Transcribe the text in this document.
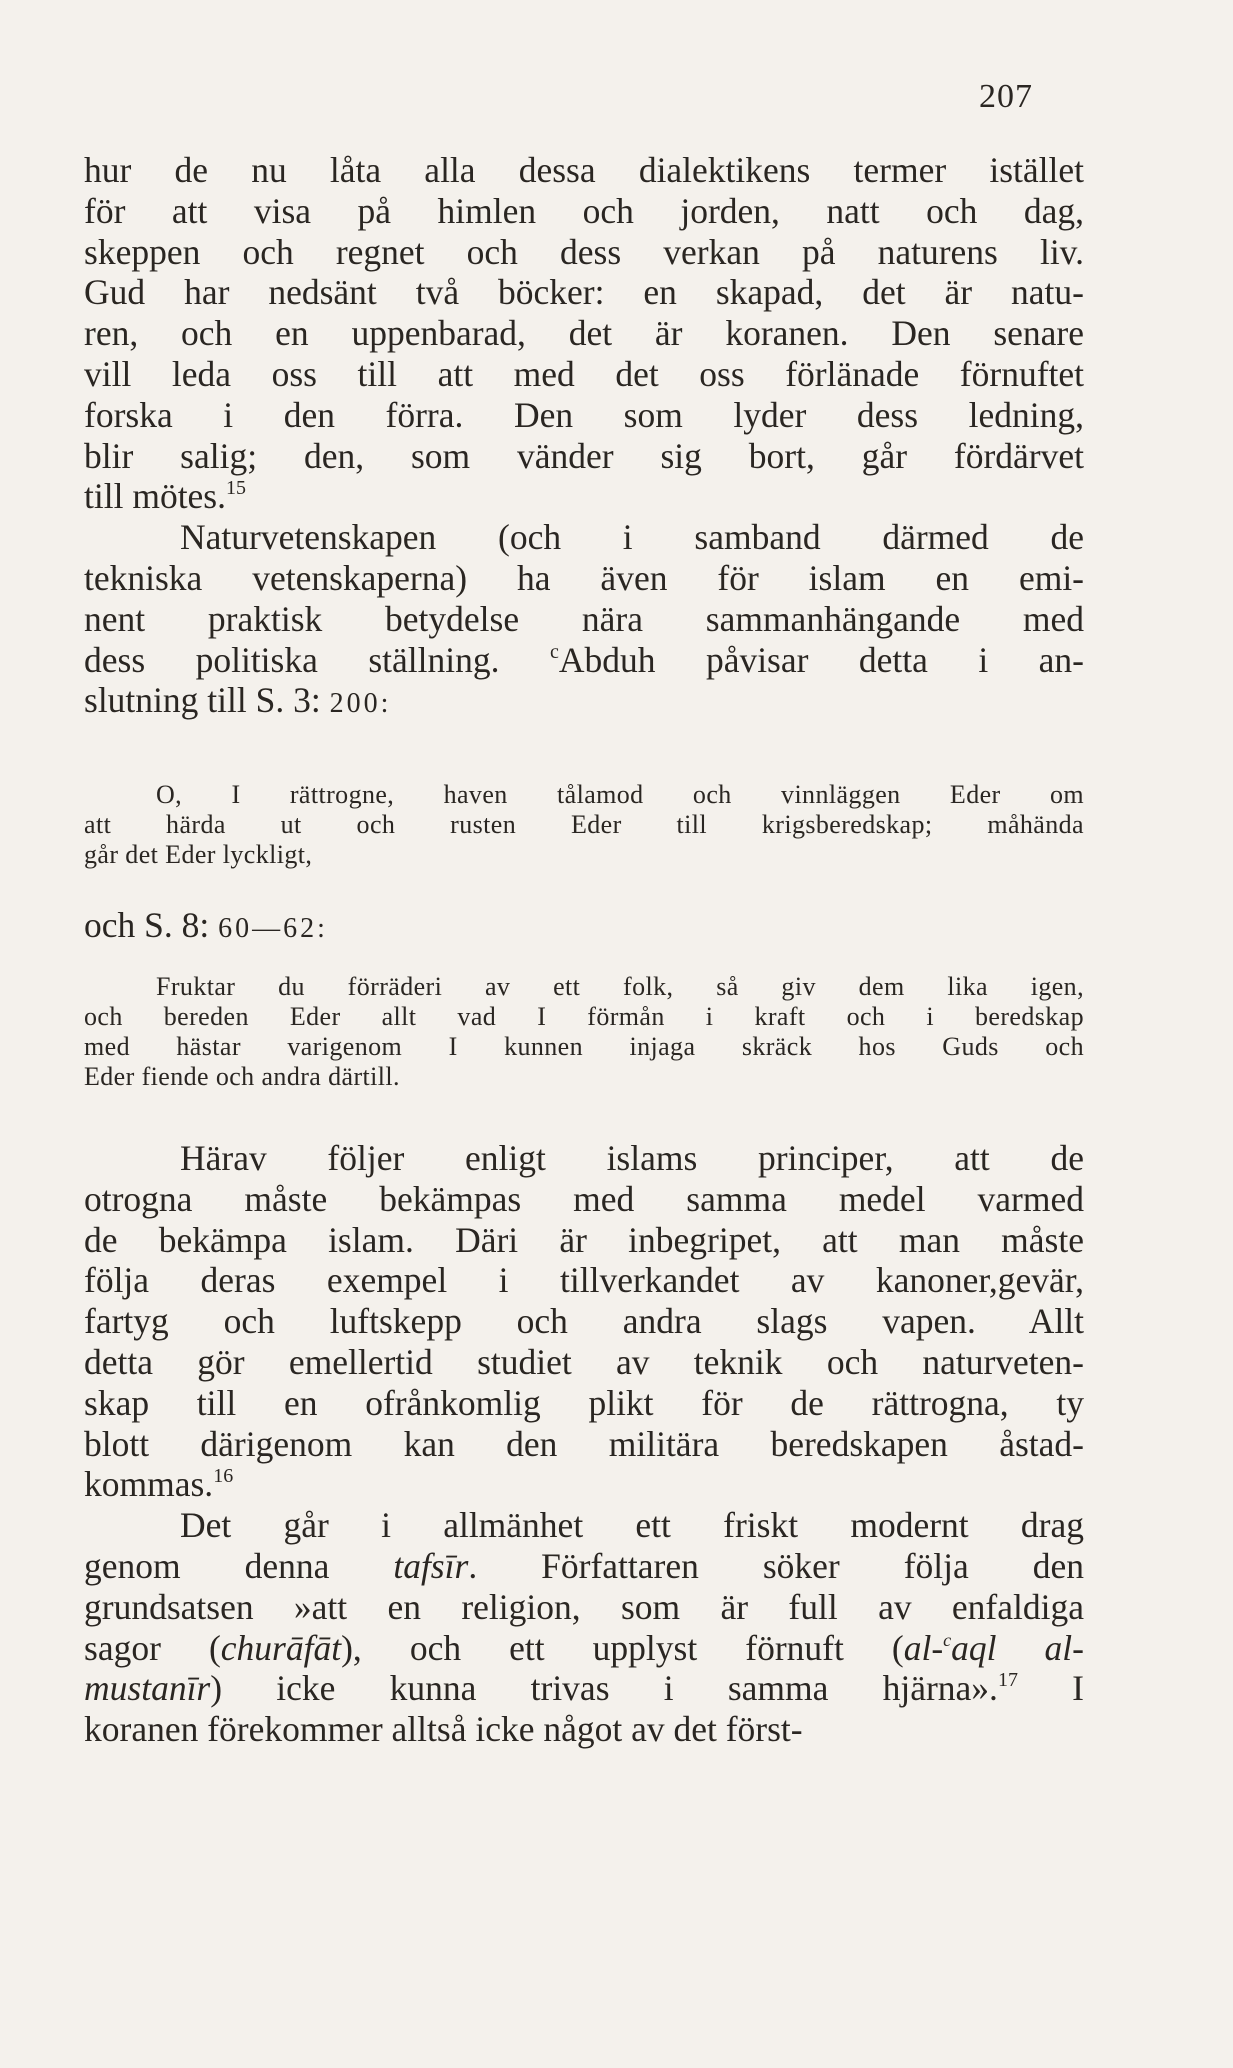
207
hur de nu låta alla dessa dialektikens termer istället
för att visa på himlen och jorden, natt och dag,
skeppen och regnet och dess verkan på naturens liv.
Gud har nedsänt två böcker: en skapad, det är natu-
ren, och en uppenbarad, det är koranen. Den senare
vill leda oss till att med det oss förlänade förnuftet
forska i den förra. Den som lyder dess ledning,
blir salig; den, som vänder sig bort, går fördärvet
till mötes.$^{15}$
Naturvetenskapen (och i samband därmed de
tekniska vetenskaperna) ha även för islam en emi-
nent praktisk betydelse nära sammanhängande med
dess politiska ställning.	$^c$Abduh påvisar detta i an-
slutning till S. 3: 200:
O, I rättrogne, haven tålamod och vinnläggen Eder om
att härda ut och rusten Eder till krigsberedskap; måhända
går det Eder lyckligt,
och S. 8: 60—62:
Fruktar du förräderi av ett folk, så giv dem lika igen,
och bereden Eder allt vad I förmån i kraft och i beredskap
med hästar varigenom I kunnen injaga skräck hos Guds och
Eder fiende och andra därtill.
Härav följer enligt islams principer, att de
otrogna måste bekämpas med samma medel varmed
de bekämpa islam. Däri är inbegripet, att man måste
följa deras exempel i tillverkandet av kanoner,gevär,
fartyg och luftskepp och andra slags vapen. Allt
detta gör emellertid studiet av teknik och naturveten-
skap till en ofrånkomlig plikt för de rättrogna, ty
blott därigenom kan den militära beredskapen åstad-
kommas.$^{16}$
Det går i allmänhet ett friskt modernt drag
genom denna tafsīr. Författaren söker följa den
grundsatsen »att en religion, som är full av enfaldiga
sagor (churāfāt), och ett upplyst förnuft (al-$^c$aql al-
mustanīr) icke kunna trivas i samma hjärna».$^{17}$ I
koranen förekommer alltså icke något av det först-
